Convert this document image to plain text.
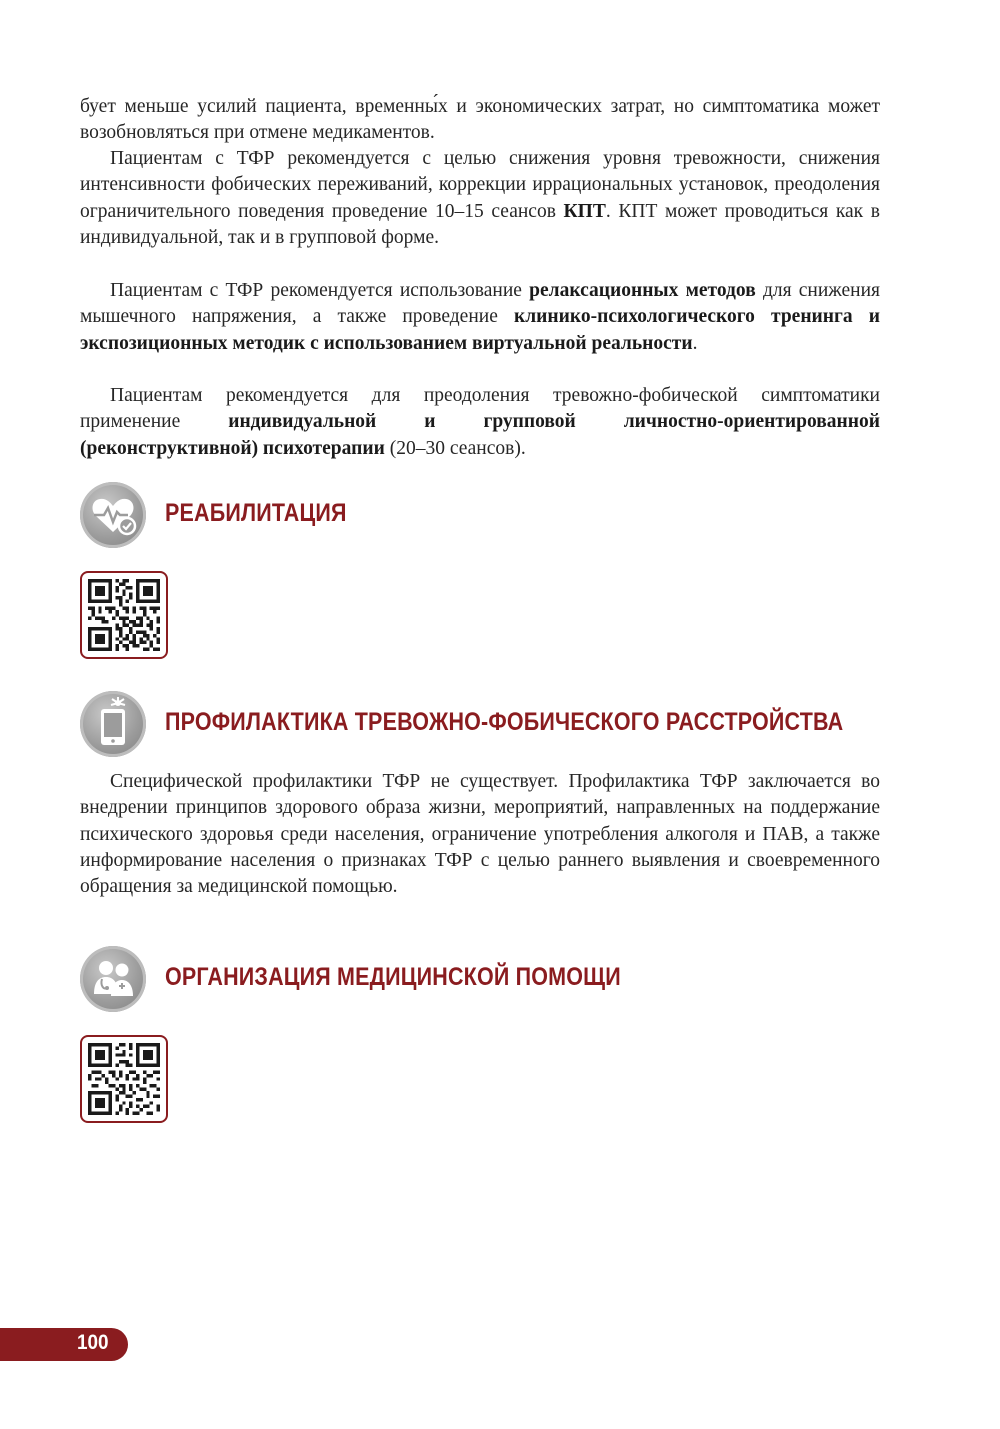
бует меньше усилий пациента, временны́х и экономических затрат, но симптоматика может возобновляться при отмене медикаментов.

Пациентам с ТФР рекомендуется с целью снижения уровня тревожности, снижения интенсивности фобических переживаний, коррекции иррациональных установок, преодоления ограничительного поведения проведение 10–15 сеансов КПТ. КПТ может проводиться как в индивидуальной, так и в групповой форме.

Пациентам с ТФР рекомендуется использование релаксационных методов для снижения мышечного напряжения, а также проведение клинико-психологического тренинга и экспозиционных методик с использованием виртуальной реальности.

Пациентам рекомендуется для преодоления тревожно-фобической симптоматики применение индивидуальной и групповой личностно-ориентированной (реконструктивной) психотерапии (20–30 сеансов).

РЕАБИЛИТАЦИЯ
ПРОФИЛАКТИКА ТРЕВОЖНО-ФОБИЧЕСКОГО РАССТРОЙСТВА

Специфической профилактики ТФР не существует. Профилактика ТФР заключается во внедрении принципов здорового образа жизни, мероприятий, направленных на поддержание психического здоровья среди населения, ограничение употребления алкоголя и ПАВ, а также информирование населения о признаках ТФР с целью раннего выявления и своевременного обращения за медицинской помощью.

ОРГАНИЗАЦИЯ МЕДИЦИНСКОЙ ПОМОЩИ
100
